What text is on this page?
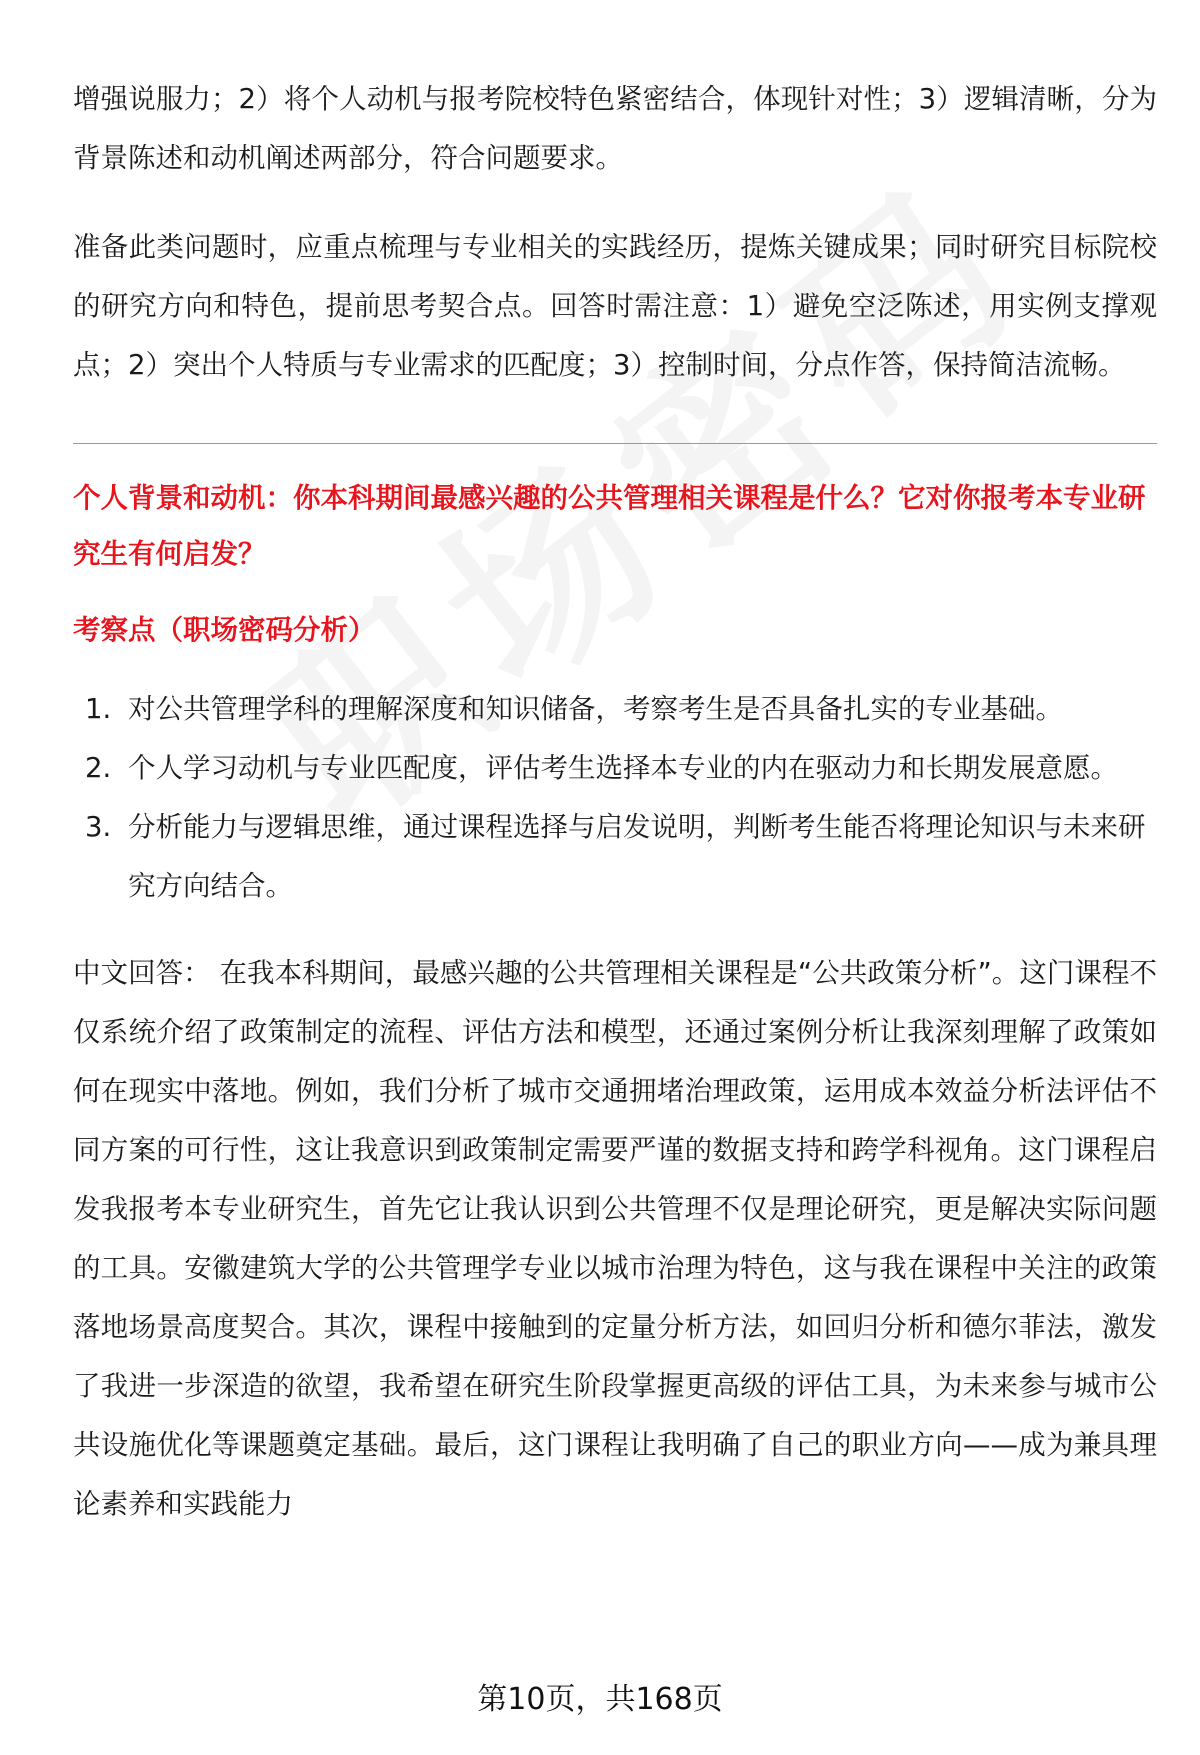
增强说服力；2）将个人动机与报考院校特色紧密结合，体现针对性；3）逻辑清晰，分为背景陈述和动机阐述两部分，符合问题要求。

准备此类问题时，应重点梳理与专业相关的实践经历，提炼关键成果；同时研究目标院校的研究方向和特色，提前思考契合点。回答时需注意：1）避免空泛陈述，用实例支撑观点；2）突出个人特质与专业需求的匹配度；3）控制时间，分点作答，保持简洁流畅。

个人背景和动机：你本科期间最感兴趣的公共管理相关课程是什么？它对你报考本专业研究生有何启发？
考察点（职场密码分析）
1. 对公共管理学科的理解深度和知识储备，考察考生是否具备扎实的专业基础。
2. 个人学习动机与专业匹配度，评估考生选择本专业的内在驱动力和长期发展意愿。
3. 分析能力与逻辑思维，通过课程选择与启发说明，判断考生能否将理论知识与未来研究方向结合。

中文回答： 在我本科期间，最感兴趣的公共管理相关课程是“公共政策分析”。这门课程不仅系统介绍了政策制定的流程、评估方法和模型，还通过案例分析让我深刻理解了政策如何在现实中落地。例如，我们分析了城市交通拥堵治理政策，运用成本效益分析法评估不同方案的可行性，这让我意识到政策制定需要严谨的数据支持和跨学科视角。这门课程启发我报考本专业研究生，首先它让我认识到公共管理不仅是理论研究，更是解决实际问题的工具。安徽建筑大学的公共管理学专业以城市治理为特色，这与我在课程中关注的政策落地场景高度契合。其次，课程中接触到的定量分析方法，如回归分析和德尔菲法，激发了我进一步深造的欲望，我希望在研究生阶段掌握更高级的评估工具，为未来参与城市公共设施优化等课题奠定基础。最后，这门课程让我明确了自己的职业方向——成为兼具理论素养和实践能力

第10页，共168页
